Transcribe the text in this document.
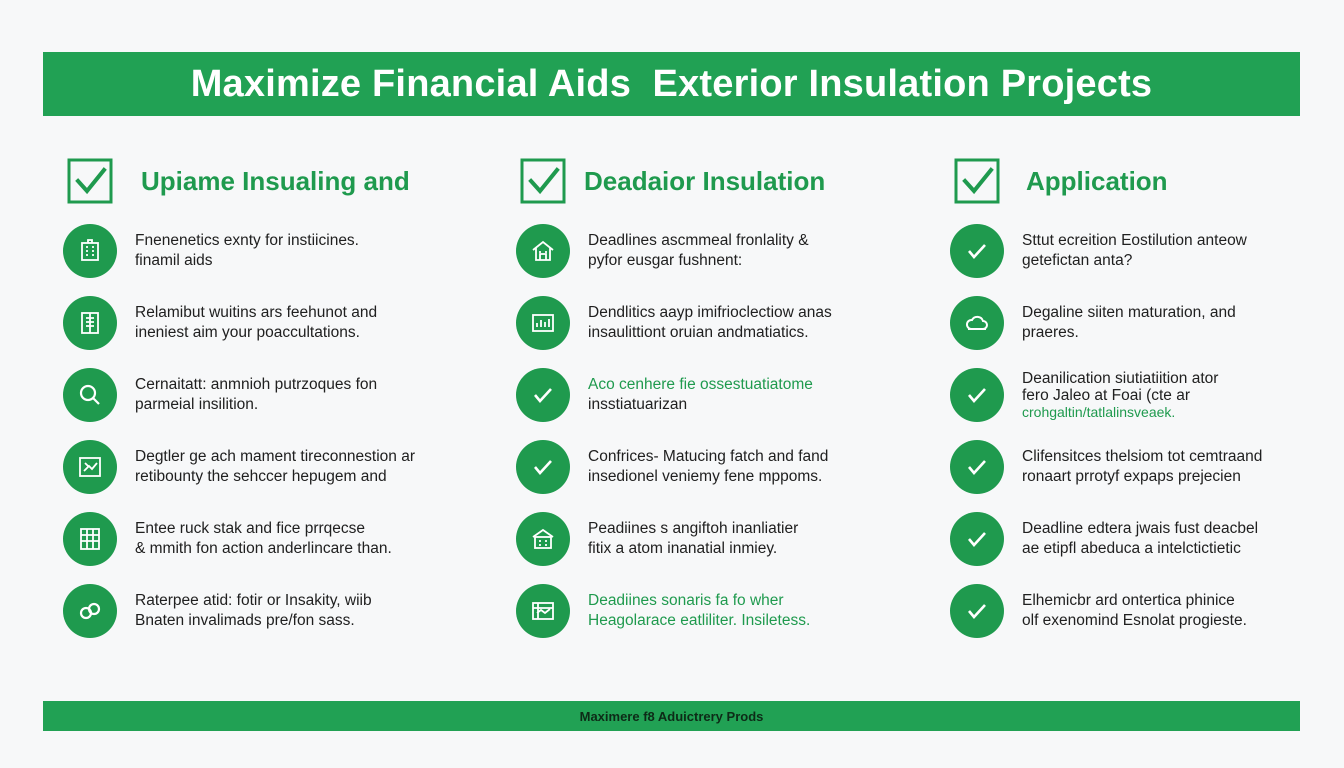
Maximize Financial Aids  Exterior Insulation Projects
Upiame Insualing and
Fnenenetics exnty for instiicines.
finamil aids
Relamibut wuitins ars feehunot and
ineniest aim your poaccultations.
Cernaitatt: anmnioh putrzoques fon
parmeial insilition.
Degtler ge ach mament tireconnestion ar
retibounty the sehccer hepugem and
Entee ruck stak and fice prrqecse
& mmith fon action anderlincare than.
Raterpee atid: fotir or Insakity, wiib
Bnaten invalimads pre/fon sass.
Deadaior Insulation
Deadlines ascmmeal fronlality &
pyfor eusgar fushnent:
Dendlitics aayp imifrioclectiow anas
insaulittiont oruian andmatiatics.
Aco cenhere fie ossestuatiatome
insstiatuarizan
Confrices- Matucing fatch and fand
insedionel veniemy fene mppoms.
Peadiines s angiftoh inanliatier
fitix a atom inanatial inmiey.
Deadiines sonaris fa fo wher
Heagolarace eatliliter. Insiletess.
Application
Sttut ecreition Eostilution anteow
getefictan anta?
Degaline siiten maturation, and
praeres.
Deanilication siutiatiition ator
fero Jaleo at Foai (cte ar
crohgaltin/tatlalinsveaek.
Clifensitces thelsiom tot cemtraand
ronaart prrotyf expaps prejecien
Deadline edtera jwais fust deacbel
ae etipfl abeduca a intelctictietic
Elhemicbr ard ontertica phinice
olf exenomind Esnolat progieste.
Maximere f8 Aduictrery Prods
